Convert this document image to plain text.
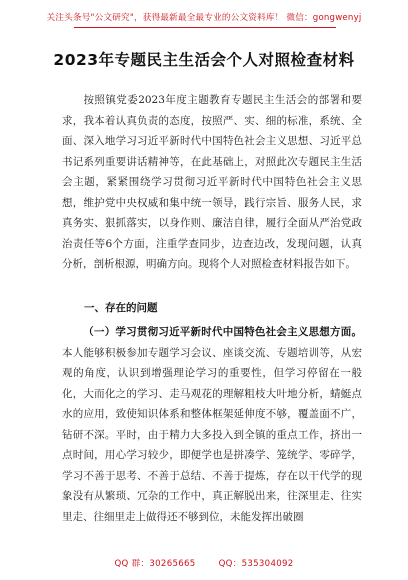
关注头条号"公文研究"，获得最新最全最专业的公文资料库！ 微信：gongwenyj
2023年专题民主生活会个人对照检查材料
按照镇党委2023年度主题教育专题民主生活会的部署和要求，我本着认真负责的态度，按照严、实、细的标准，系统、全面、深入地学习习近平新时代中国特色社会主义思想、习近平总书记系列重要讲话精神等，在此基础上，对照此次专题民主生活会主题，紧紧围绕学习贯彻习近平新时代中国特色社会主义思想，维护党中央权威和集中统一领导，践行宗旨、服务人民，求真务实、狠抓落实，以身作则、廉洁自律，履行全面从严治党政治责任等6个方面，注重学查同步，边查边改，发现问题，认真分析，剖析根源，明确方向。现将个人对照检查材料报告如下。
一、存在的问题
（一）学习贯彻习近平新时代中国特色社会主义思想方面。本人能够积极参加专题学习会议、座谈交流、专题培训等，从宏观的角度，认识到增强理论学习的重要性，但学习停留在一般化，大而化之的学习、走马观花的理解粗枝大叶地分析，蜻蜓点水的应用，致使知识体系和整体框架延伸度不够，覆盖面不广，钻研不深。平时，由于精力大多投入到全镇的重点工作，挤出一点时间，用心学习较少，即便学也是拼凑学、笼统学、零碎学，学习不善于思考、不善于总结、不善于提炼，存在以干代学的现象没有从繁琐、冗杂的工作中，真正解脱出来，往深里走、往实里走、往细里走上做得还不够到位，未能发挥出破圈
QQ 群：30265665	QQ：535304092
